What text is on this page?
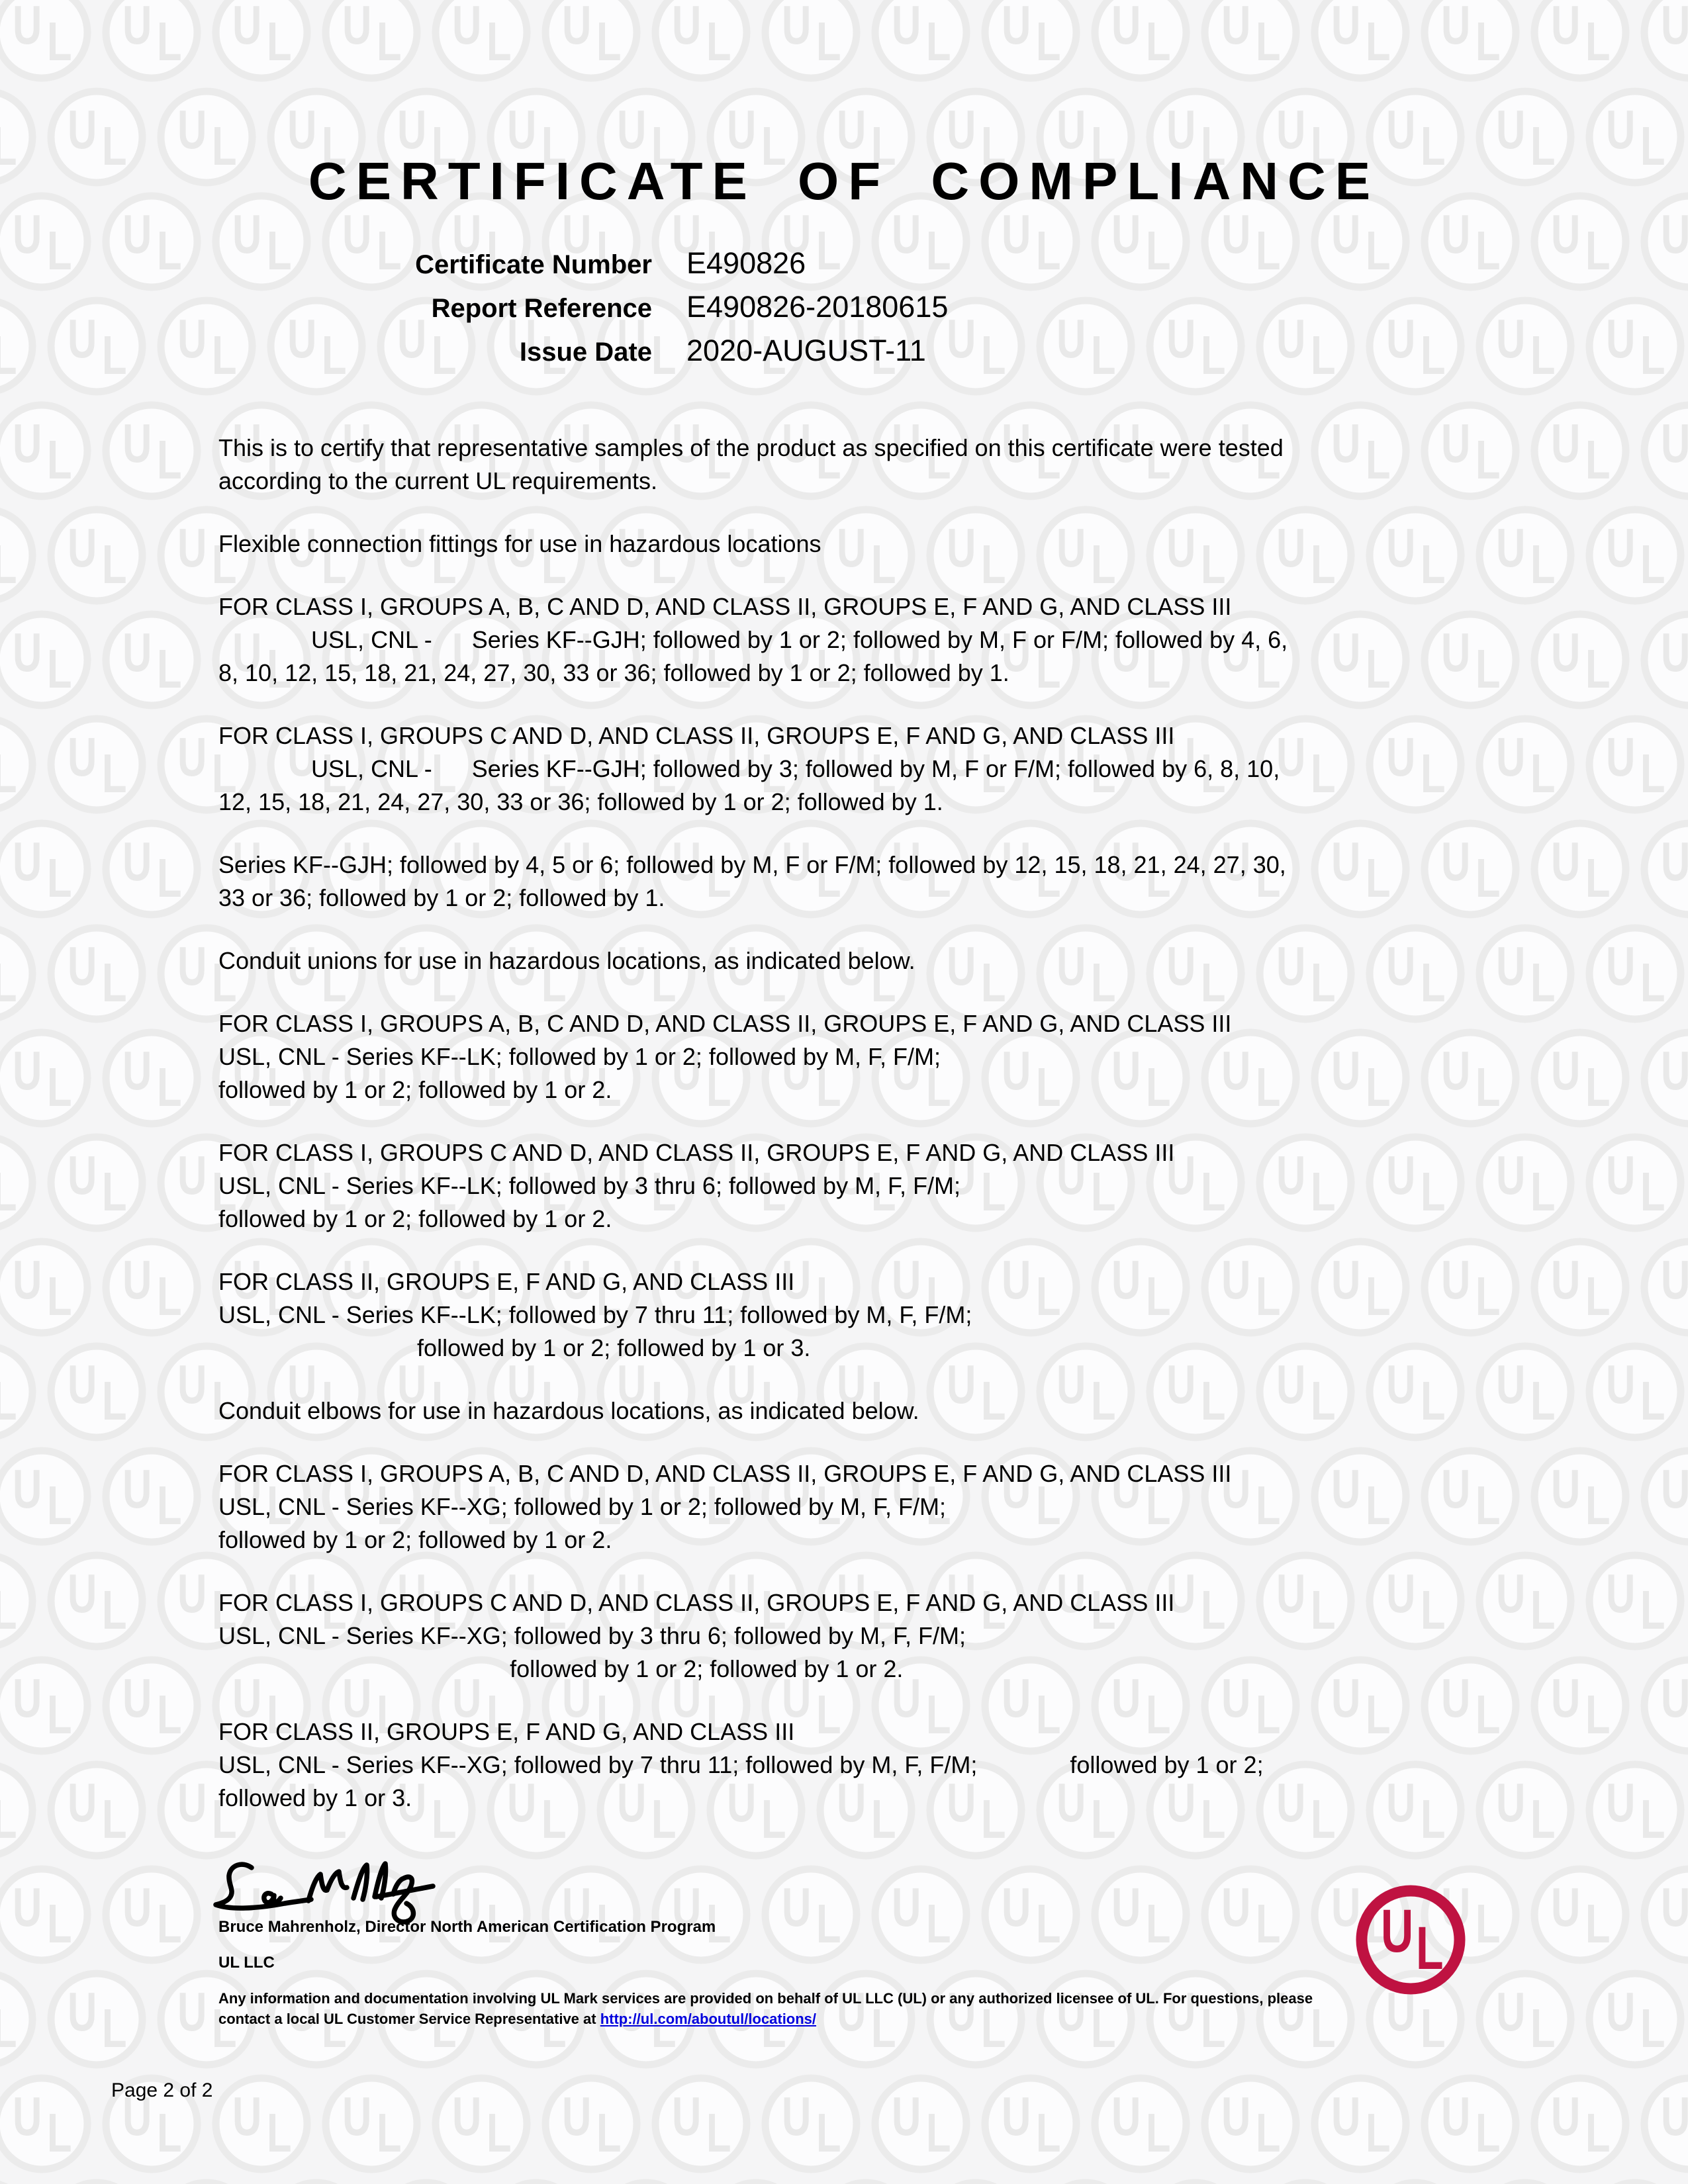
CERTIFICATE OF COMPLIANCE
Certificate Number E490826
Report Reference E490826-20180615
Issue Date 2020-AUGUST-11
This is to certify that representative samples of the product as specified on this certificate were tested
according to the current UL requirements.
Flexible connection fittings for use in hazardous locations
FOR CLASS I, GROUPS A, B, C AND D, AND CLASS II, GROUPS E, F AND G, AND CLASS III
USL, CNL -      Series KF--GJH; followed by 1 or 2; followed by M, F or F/M; followed by 4, 6,
8, 10, 12, 15, 18, 21, 24, 27, 30, 33 or 36; followed by 1 or 2; followed by 1.
FOR CLASS I, GROUPS C AND D, AND CLASS II, GROUPS E, F AND G, AND CLASS III
USL, CNL -      Series KF--GJH; followed by 3; followed by M, F or F/M; followed by 6, 8, 10,
12, 15, 18, 21, 24, 27, 30, 33 or 36; followed by 1 or 2; followed by 1.
Series KF--GJH; followed by 4, 5 or 6; followed by M, F or F/M; followed by 12, 15, 18, 21, 24, 27, 30,
33 or 36; followed by 1 or 2; followed by 1.
Conduit unions for use in hazardous locations, as indicated below.
FOR CLASS I, GROUPS A, B, C AND D, AND CLASS II, GROUPS E, F AND G, AND CLASS III
USL, CNL - Series KF--LK; followed by 1 or 2; followed by M, F, F/M;
followed by 1 or 2; followed by 1 or 2.
FOR CLASS I, GROUPS C AND D, AND CLASS II, GROUPS E, F AND G, AND CLASS III
USL, CNL - Series KF--LK; followed by 3 thru 6; followed by M, F, F/M;
followed by 1 or 2; followed by 1 or 2.
FOR CLASS II, GROUPS E, F AND G, AND CLASS III
USL, CNL - Series KF--LK; followed by 7 thru 11; followed by M, F, F/M;
followed by 1 or 2; followed by 1 or 3.
Conduit elbows for use in hazardous locations, as indicated below.
FOR CLASS I, GROUPS A, B, C AND D, AND CLASS II, GROUPS E, F AND G, AND CLASS III
USL, CNL - Series KF--XG; followed by 1 or 2; followed by M, F, F/M;
followed by 1 or 2; followed by 1 or 2.
FOR CLASS I, GROUPS C AND D, AND CLASS II, GROUPS E, F AND G, AND CLASS III
USL, CNL - Series KF--XG; followed by 3 thru 6; followed by M, F, F/M;
followed by 1 or 2; followed by 1 or 2.
FOR CLASS II, GROUPS E, F AND G, AND CLASS III
USL, CNL - Series KF--XG; followed by 7 thru 11; followed by M, F, F/M;              followed by 1 or 2;
followed by 1 or 3.
Bruce Mahrenholz, Director North American Certification Program
UL LLC
Any information and documentation involving UL Mark services are provided on behalf of UL LLC (UL) or any authorized licensee of UL. For questions, please
contact a local UL Customer Service Representative at http://ul.com/aboutul/locations/
Page 2 of 2
U L
